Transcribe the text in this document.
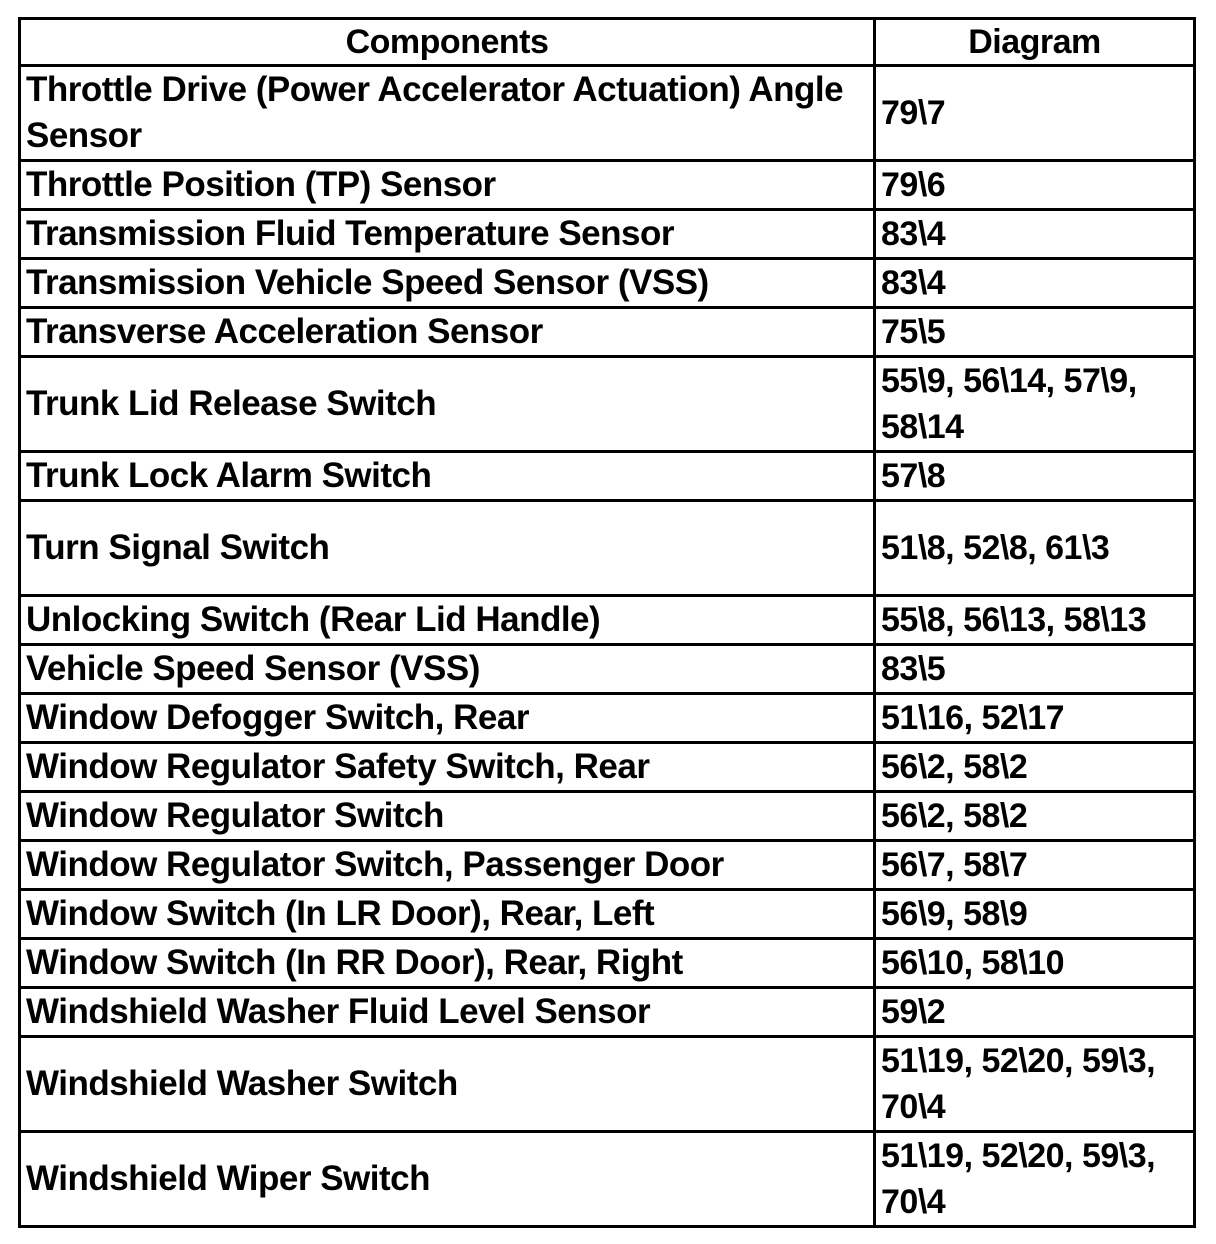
Components	Diagram
Throttle Drive (Power Accelerator Actuation) Angle Sensor	79\7
Throttle Position (TP) Sensor	79\6
Transmission Fluid Temperature Sensor	83\4
Transmission Vehicle Speed Sensor (VSS)	83\4
Transverse Acceleration Sensor	75\5
Trunk Lid Release Switch	55\9, 56\14, 57\9, 58\14
Trunk Lock Alarm Switch	57\8
Turn Signal Switch	51\8, 52\8, 61\3
Unlocking Switch (Rear Lid Handle)	55\8, 56\13, 58\13
Vehicle Speed Sensor (VSS)	83\5
Window Defogger Switch, Rear	51\16, 52\17
Window Regulator Safety Switch, Rear	56\2, 58\2
Window Regulator Switch	56\2, 58\2
Window Regulator Switch, Passenger Door	56\7, 58\7
Window Switch (In LR Door), Rear, Left	56\9, 58\9
Window Switch (In RR Door), Rear, Right	56\10, 58\10
Windshield Washer Fluid Level Sensor	59\2
Windshield Washer Switch	51\19, 52\20, 59\3, 70\4
Windshield Wiper Switch	51\19, 52\20, 59\3, 70\4
